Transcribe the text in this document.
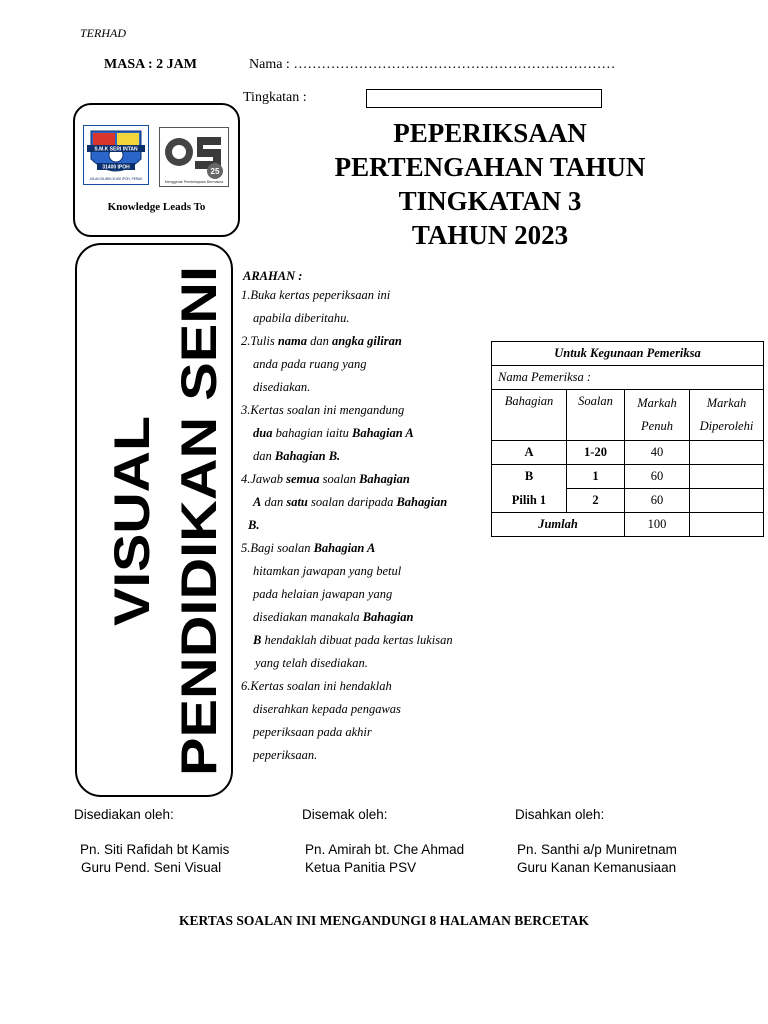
TERHAD
MASA : 2 JAM	Nama : ……………………………………………………………
Tingkatan :
S.M.K SERI INTAN
31400 IPOH
JALAN SILIBIN 31400 IPOH, PERAK
25
Menggerak Pembelajaran Bermakna
Knowledge Leads To
PEPERIKSAAN
PERTENGAHAN TAHUN
TINGKATAN 3
TAHUN 2023
PENDIDIKAN SENI
VISUAL
ARAHAN :
1.Buka kertas peperiksaan ini
apabila diberitahu.
2.Tulis nama dan angka giliran
anda pada ruang yang
disediakan.
3.Kertas soalan ini mengandung
dua bahagian iaitu Bahagian A
dan Bahagian B.
4.Jawab semua soalan Bahagian
A dan satu soalan daripada Bahagian
B.
5.Bagi soalan Bahagian A
hitamkan jawapan yang betul
pada helaian jawapan yang
disediakan manakala Bahagian
B hendaklah dibuat pada kertas lukisan
yang telah disediakan.
6.Kertas soalan ini hendaklah
diserahkan kepada pengawas
peperiksaan pada akhir
peperiksaan.
Untuk Kegunaan Pemeriksa			
Nama Pemeriksa :			
Bahagian	Soalan	Markah Penuh	Markah Diperolehi
A	1-20	40	
B	1	60	
Pilih 1	2	60	
Jumlah		100	
Disediakan oleh:	Disemak oleh:	Disahkan oleh:
Pn. Siti Rafidah bt Kamis
Guru Pend. Seni Visual
Pn. Amirah bt. Che Ahmad
Ketua Panitia PSV
Pn. Santhi a/p Muniretnam
Guru Kanan Kemanusiaan
KERTAS SOALAN INI MENGANDUNGI 8 HALAMAN BERCETAK
